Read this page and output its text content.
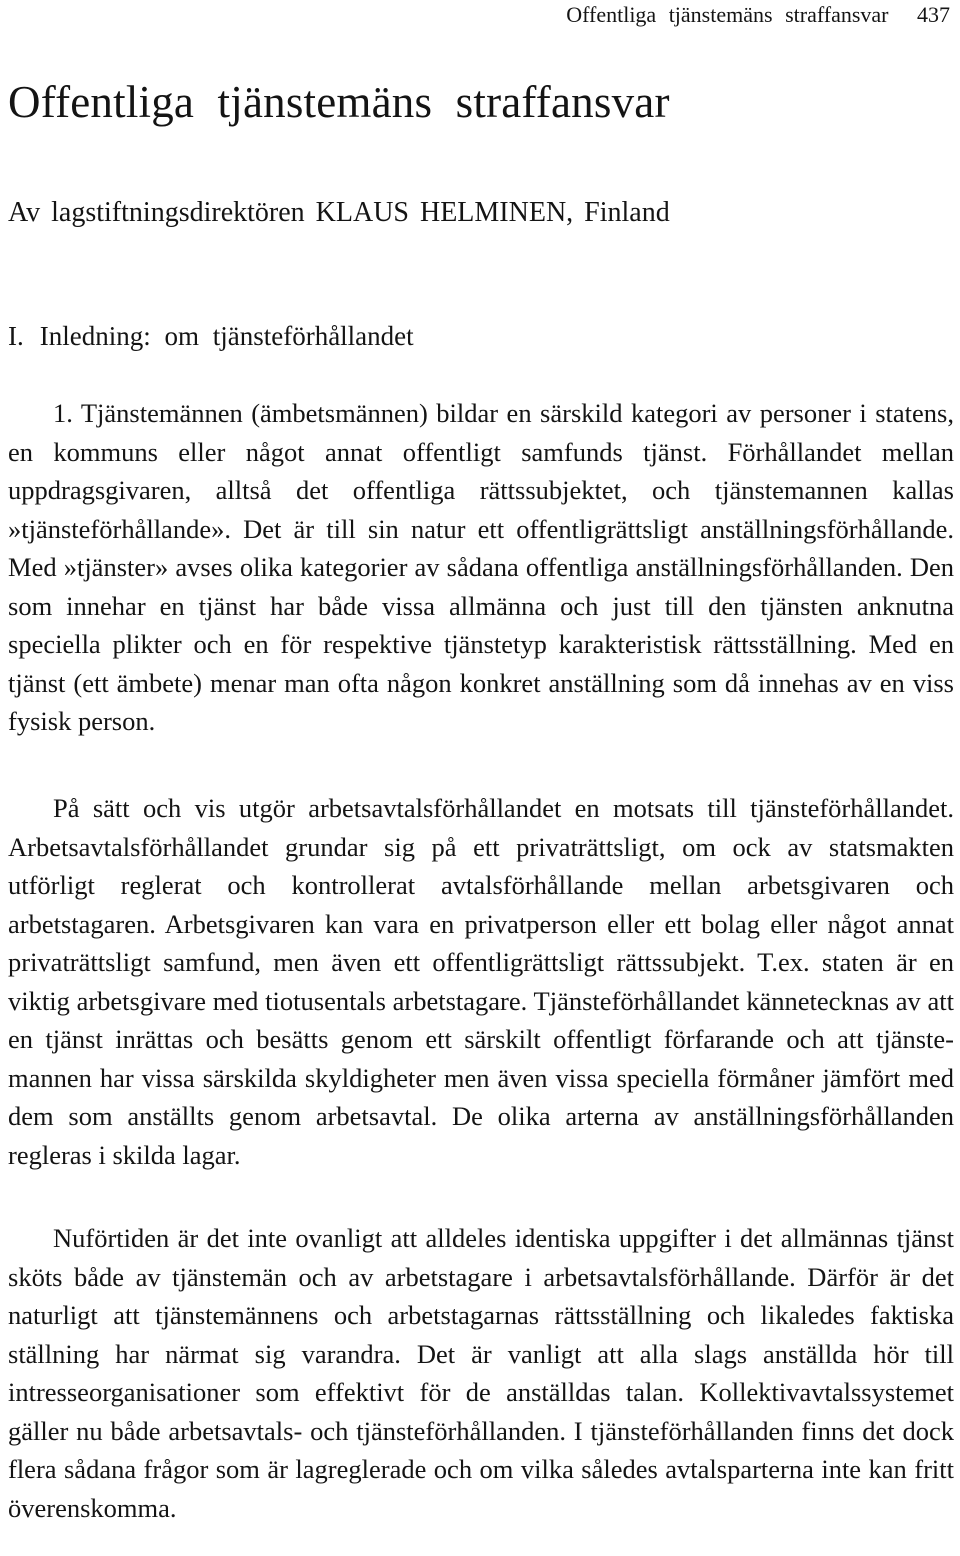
Offentliga tjänstemäns straffansvar 437
Offentliga tjänstemäns straffansvar
Av lagstiftningsdirektören KLAUS HELMINEN, Finland
I. Inledning: om tjänsteförhållandet

1. Tjänstemännen (ämbetsmännen) bildar en särskild kategori av personer i statens, en kommuns eller något annat offentligt samfunds tjänst. Förhållandet mellan uppdragsgivaren, alltså det offentliga rättssubjektet, och tjänstemannen kallas »tjänsteförhållande». Det är till sin natur ett offentligrättsligt anställningsförhållande. Med »tjänster» avses olika kategorier av sådana offentliga anställningsförhållanden. Den som innehar en tjänst har både vissa allmänna och just till den tjänsten anknutna speciella plikter och en för respektive tjänstetyp karakteristisk rättsställning. Med en tjänst (ett ämbete) menar man ofta någon konkret anställning som då innehas av en viss fysisk person.

På sätt och vis utgör arbetsavtalsförhållandet en motsats till tjänsteförhållandet. Arbetsavtalsförhållandet grundar sig på ett privaträttsligt, om ock av statsmakten utförligt reglerat och kontrollerat avtalsförhållande mellan arbetsgivaren och arbetstagaren. Arbetsgivaren kan vara en privatperson eller ett bolag eller något annat privaträttsligt samfund, men även ett offentligrättsligt rättssubjekt. T.ex. staten är en viktig arbetsgivare med tiotusentals arbetstagare. Tjänsteförhållandet kännetecknas av att en tjänst inrättas och besätts genom ett särskilt offentligt förfarande och att tjänstemannen har vissa särskilda skyldigheter men även vissa speciella förmåner jämfört med dem som anställts genom arbetsavtal. De olika arterna av anställningsförhållanden regleras i skilda lagar.

Nuförtiden är det inte ovanligt att alldeles identiska uppgifter i det allmännas tjänst sköts både av tjänstemän och av arbetstagare i arbetsavtalsförhållande. Därför är det naturligt att tjänstemännens och arbetstagarnas rättsställning och likaledes faktiska ställning har närmat sig varandra. Det är vanligt att alla slags anställda hör till intresseorganisationer som effektivt för de anställdas talan. Kollektivavtalssystemet gäller nu både arbetsavtals- och tjänsteförhållanden. I tjänsteförhållanden finns det dock flera sådana frågor som är lagreglerade och om vilka således avtalsparterna inte kan fritt överenskomma.
